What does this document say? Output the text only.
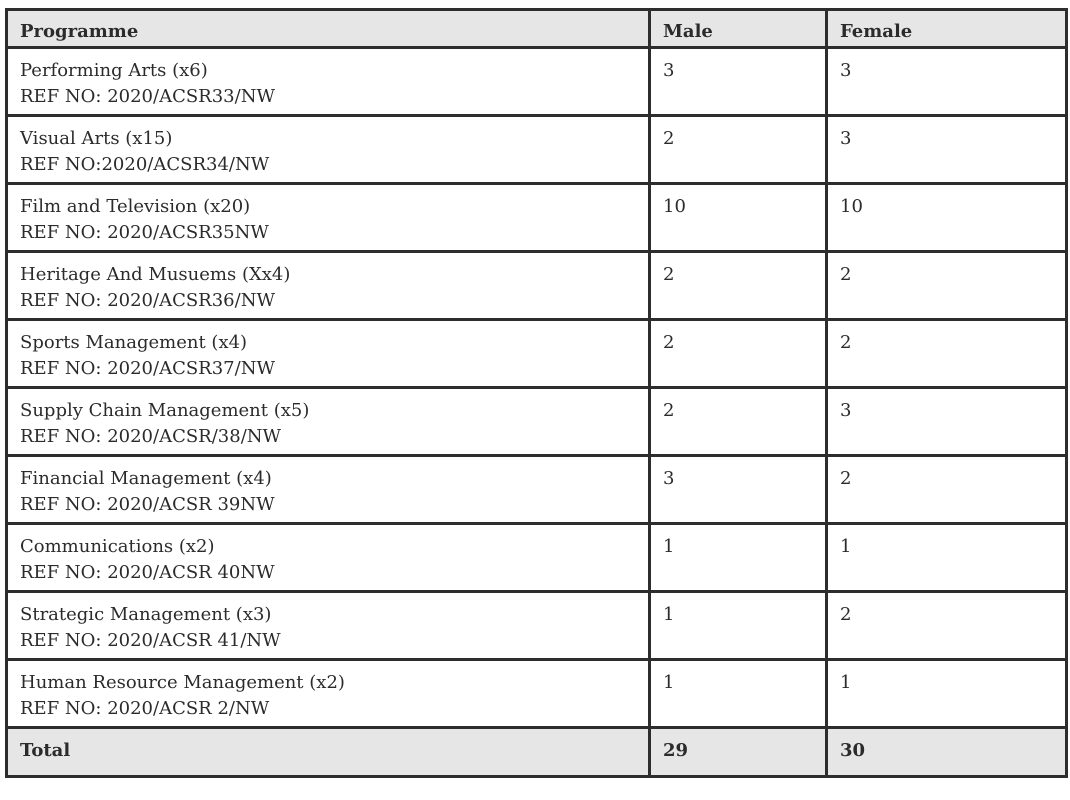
Programme	Male	Female

Performing Arts (x6)
REF NO: 2020/ACSR33/NW	3	3

Visual Arts (x15)
REF NO:2020/ACSR34/NW	2	3

Film and Television (x20)
REF NO: 2020/ACSR35NW	10	10

Heritage And Musuems (Xx4)
REF NO: 2020/ACSR36/NW	2	2

Sports Management (x4)
REF NO: 2020/ACSR37/NW	2	2

Supply Chain Management (x5)
REF NO: 2020/ACSR/38/NW	2	3

Financial Management (x4)
REF NO: 2020/ACSR 39NW	3	2

Communications (x2)
REF NO: 2020/ACSR 40NW	1	1

Strategic Management (x3)
REF NO: 2020/ACSR 41/NW	1	2

Human Resource Management (x2)
REF NO: 2020/ACSR 2/NW	1	1
Total	29	30
